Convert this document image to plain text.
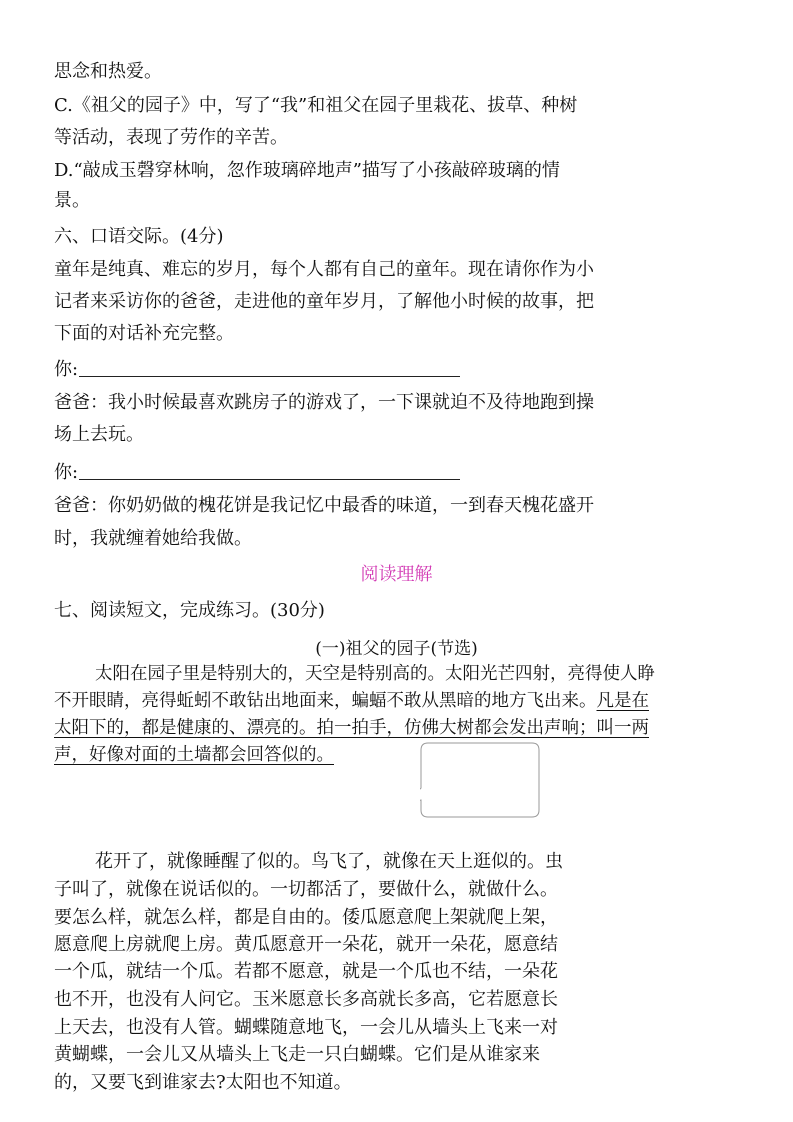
思念和热爱。

C.《祖父的园子》中，写了“我”和祖父在园子里栽花、拔草、种树

等活动，表现了劳作的辛苦。

D.“敲成玉磬穿林响，忽作玻璃碎地声”描写了小孩敲碎玻璃的情

景。

六、口语交际。(4分)

童年是纯真、难忘的岁月，每个人都有自己的童年。现在请你作为小

记者来采访你的爸爸，走进他的童年岁月，了解他小时候的故事，把

下面的对话补充完整。

你:

爸爸：我小时候最喜欢跳房子的游戏了，一下课就迫不及待地跑到操

场上去玩。

你:

爸爸：你奶奶做的槐花饼是我记忆中最香的味道，一到春天槐花盛开

时，我就缠着她给我做。

阅读理解

七、阅读短文，完成练习。(30分)

(一)祖父的园子(节选)

太阳在园子里是特别大的，天空是特别高的。太阳光芒四射，亮得使人睁

不开眼睛，亮得蚯蚓不敢钻出地面来，蝙蝠不敢从黑暗的地方飞出来。凡是在

太阳下的，都是健康的、漂亮的。拍一拍手，仿佛大树都会发出声响；叫一两

声，好像对面的土墙都会回答似的。

花开了，就像睡醒了似的。鸟飞了，就像在天上逛似的。虫

子叫了，就像在说话似的。一切都活了，要做什么，就做什么。

要怎么样，就怎么样，都是自由的。倭瓜愿意爬上架就爬上架，

愿意爬上房就爬上房。黄瓜愿意开一朵花，就开一朵花，愿意结

一个瓜，就结一个瓜。若都不愿意，就是一个瓜也不结，一朵花

也不开，也没有人问它。玉米愿意长多高就长多高，它若愿意长

上天去，也没有人管。蝴蝶随意地飞，一会儿从墙头上飞来一对

黄蝴蝶，一会儿又从墙头上飞走一只白蝴蝶。它们是从谁家来

的，又要飞到谁家去?太阳也不知道。
